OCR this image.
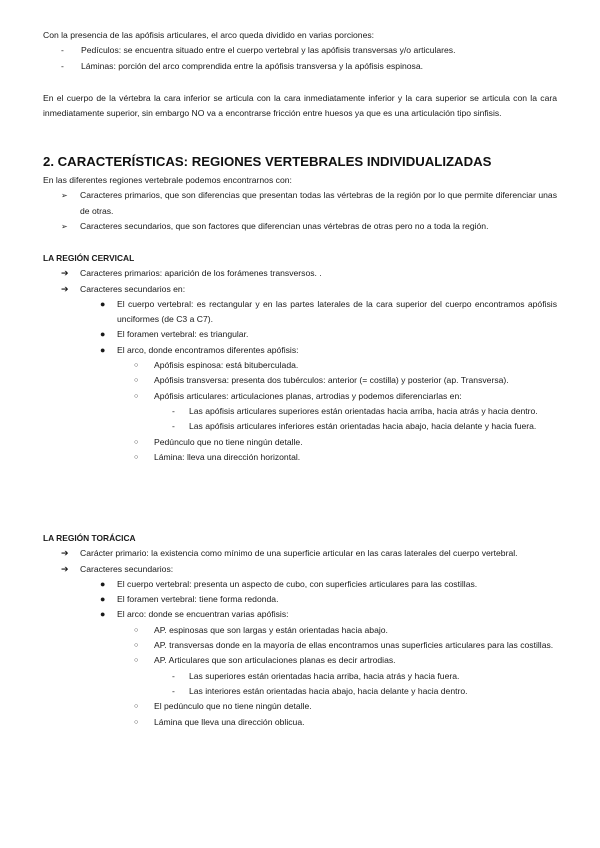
Con la presencia de las apófisis articulares, el arco queda dividido en varias porciones:

- Pedículos: se encuentra situado entre el cuerpo vertebral y las apófisis transversas y/o articulares.
- Láminas: porción del arco comprendida entre la apófisis transversa y la apófisis espinosa.

En el cuerpo de la vértebra la cara inferior se articula con la cara inmediatamente inferior y la cara superior se articula con la cara inmediatamente superior, sin embargo NO va a encontrarse fricción entre huesos ya que es una articulación tipo sinfisis.

2. CARACTERÍSTICAS: REGIONES VERTEBRALES INDIVIDUALIZADAS

En las diferentes regiones vertebrale podemos encontrarnos con:

➢ Caracteres primarios, que son diferencias que presentan todas las vértebras de la región por lo que permite diferenciar unas de otras.
➢ Caracteres secundarios, que son factores que diferencian unas vértebras de otras pero no a toda la región.

LA REGIÓN CERVICAL

➔ Caracteres primarios: aparición de los forámenes transversos. .
➔ Caracteres secundarios en:
● El cuerpo vertebral: es rectangular y en las partes laterales de la cara superior del cuerpo encontramos apófisis unciformes (de C3 a C7).
● El foramen vertebral: es triangular.
● El arco, donde encontramos diferentes apófisis:
○ Apófisis espinosa: está bituberculada.
○ Apófisis transversa: presenta dos tubérculos: anterior (= costilla) y posterior (ap. Transversa).
○ Apófisis articulares: articulaciones planas, artrodias y podemos diferenciarlas en:
- Las apófisis articulares superiores están orientadas hacia arriba, hacia atrás y hacia dentro.
- Las apófisis articulares inferiores están orientadas hacia abajo, hacia delante y hacia fuera.
○ Pedúnculo que no tiene ningún detalle.
○ Lámina: lleva una dirección horizontal.

LA REGIÓN TORÁCICA

➔ Carácter primario: la existencia como mínimo de una superficie articular en las caras laterales del cuerpo vertebral.
➔ Caracteres secundarios:
● El cuerpo vertebral: presenta un aspecto de cubo, con superficies articulares para las costillas.
● El foramen vertebral: tiene forma redonda.
● El arco: donde se encuentran varias apófisis:
○ AP. espinosas que son largas y están orientadas hacia abajo.
○ AP. transversas donde en la mayoría de ellas encontramos unas superficies articulares para las costillas.
○ AP. Articulares que son articulaciones planas es decir artrodias.
- Las superiores están orientadas hacia arriba, hacia atrás y hacia fuera.
- Las interiores están orientadas hacia abajo, hacia delante y hacia dentro.
○ El pedúnculo que no tiene ningún detalle.
○ Lámina que lleva una dirección oblicua.
